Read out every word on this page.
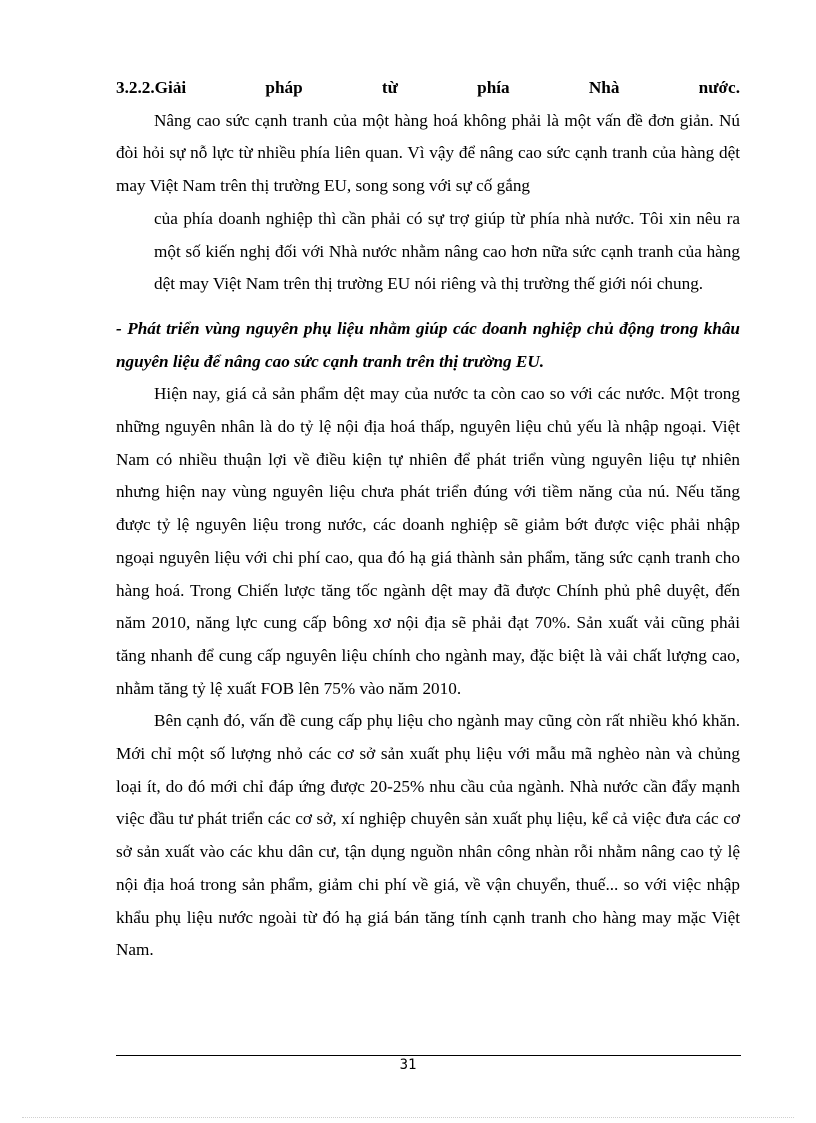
3.2.2.Giải pháp từ phía Nhà nước.

Nâng cao sức cạnh tranh của một hàng hoá không phải là một vấn đề đơn giản. Nú đòi hỏi sự nỗ lực từ nhiều phía liên quan. Vì vậy để nâng cao sức cạnh tranh của hàng dệt may Việt Nam trên thị trường EU, song song với sự cố gắng

của phía doanh nghiệp thì cần phải có sự trợ giúp từ phía nhà nước. Tôi xin nêu ra một số kiến nghị đối với Nhà nước nhằm nâng cao hơn nữa sức cạnh tranh của hàng dệt may Việt Nam trên thị trường EU nói riêng và thị trường thế giới nói chung.

- Phát triển vùng nguyên phụ liệu nhằm giúp các doanh nghiệp chủ động trong khâu nguyên liệu để nâng cao sức cạnh tranh trên thị trường EU.

Hiện nay, giá cả sản phẩm dệt may của nước ta còn cao so với các nước. Một trong những nguyên nhân là do tỷ lệ nội địa hoá thấp, nguyên liệu chủ yếu là nhập ngoại. Việt Nam có nhiều thuận lợi về điều kiện tự nhiên để phát triển vùng nguyên liệu tự nhiên nhưng hiện nay vùng nguyên liệu chưa phát triển đúng với tiềm năng của nú. Nếu tăng được tỷ lệ nguyên liệu trong nước, các doanh nghiệp sẽ giảm bớt được việc phải nhập ngoại nguyên liệu với chi phí cao, qua đó hạ giá thành sản phẩm, tăng sức cạnh tranh cho hàng hoá. Trong Chiến lược tăng tốc ngành dệt may đã được Chính phủ phê duyệt, đến năm 2010, năng lực cung cấp bông xơ nội địa sẽ phải đạt 70%. Sản xuất vải cũng phải tăng nhanh để cung cấp nguyên liệu chính cho ngành may, đặc biệt là vải chất lượng cao, nhằm tăng tỷ lệ xuất FOB lên 75% vào năm 2010.

Bên cạnh đó, vấn đề cung cấp phụ liệu cho ngành may cũng còn rất nhiều khó khăn. Mới chỉ một số lượng nhỏ các cơ sở sản xuất phụ liệu với mẫu mã nghèo nàn và chủng loại ít, do đó mới chỉ đáp ứng được 20-25% nhu cầu của ngành. Nhà nước cần đẩy mạnh việc đầu tư phát triển các cơ sở, xí nghiệp chuyên sản xuất phụ liệu, kể cả việc đưa các cơ sở sản xuất vào các khu dân cư, tận dụng nguồn nhân công nhàn rỗi nhằm nâng cao tỷ lệ nội địa hoá trong sản phẩm, giảm chi phí về giá, về vận chuyển, thuế... so với việc nhập khẩu phụ liệu nước ngoài từ đó hạ giá bán tăng tính cạnh tranh cho hàng may mặc Việt Nam.

31
